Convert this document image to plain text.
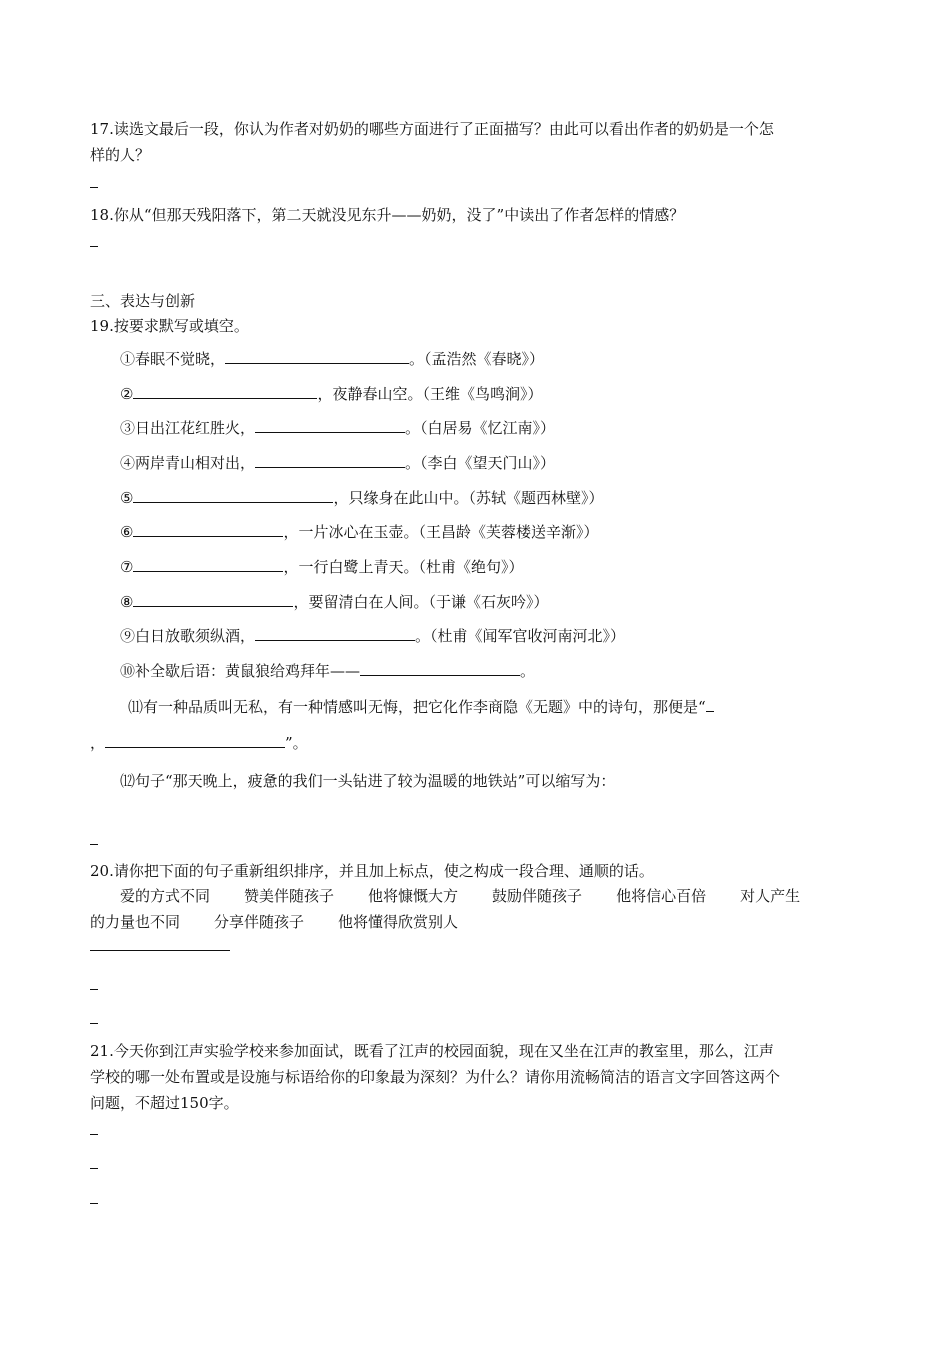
17.读选文最后一段，你认为作者对奶奶的哪些方面进行了正面描写？由此可以看出作者的奶奶是一个怎
样的人？
18.你从“但那天残阳落下，第二天就没见东升——奶奶，没了”中读出了作者怎样的情感？
三、表达与创新
19.按要求默写或填空。
①春眠不觉晓，	。（孟浩然《春晓》）
②	，夜静春山空。（王维《鸟鸣涧》）
③日出江花红胜火，	。（白居易《忆江南》）
④两岸青山相对出，	。（李白《望天门山》）
⑤	，只缘身在此山中。（苏轼《题西林壁》）
⑥	，一片冰心在玉壶。（王昌龄《芙蓉楼送辛渐》）
⑦	，一行白鹭上青天。（杜甫《绝句》）
⑧	，要留清白在人间。（于谦《石灰吟》）
⑨白日放歌须纵酒，	。（杜甫《闻军官收河南河北》）
⑩补全歇后语：黄鼠狼给鸡拜年——	。
⑾有一种品质叫无私，有一种情感叫无悔，把它化作李商隐《无题》中的诗句，那便是“
，	”。
⑿句子“那天晚上，疲惫的我们一头钻进了较为温暖的地铁站”可以缩写为：
20.请你把下面的句子重新组织排序，并且加上标点，使之构成一段合理、通顺的话。
爱的方式不同 赞美伴随孩子 他将慷慨大方 鼓励伴随孩子 他将信心百倍 对人产生
的力量也不同 分享伴随孩子 他将懂得欣赏别人
21.今天你到江声实验学校来参加面试，既看了江声的校园面貌，现在又坐在江声的教室里，那么，江声
学校的哪一处布置或是设施与标语给你的印象最为深刻？为什么？请你用流畅简洁的语言文字回答这两个
问题，不超过150字。
